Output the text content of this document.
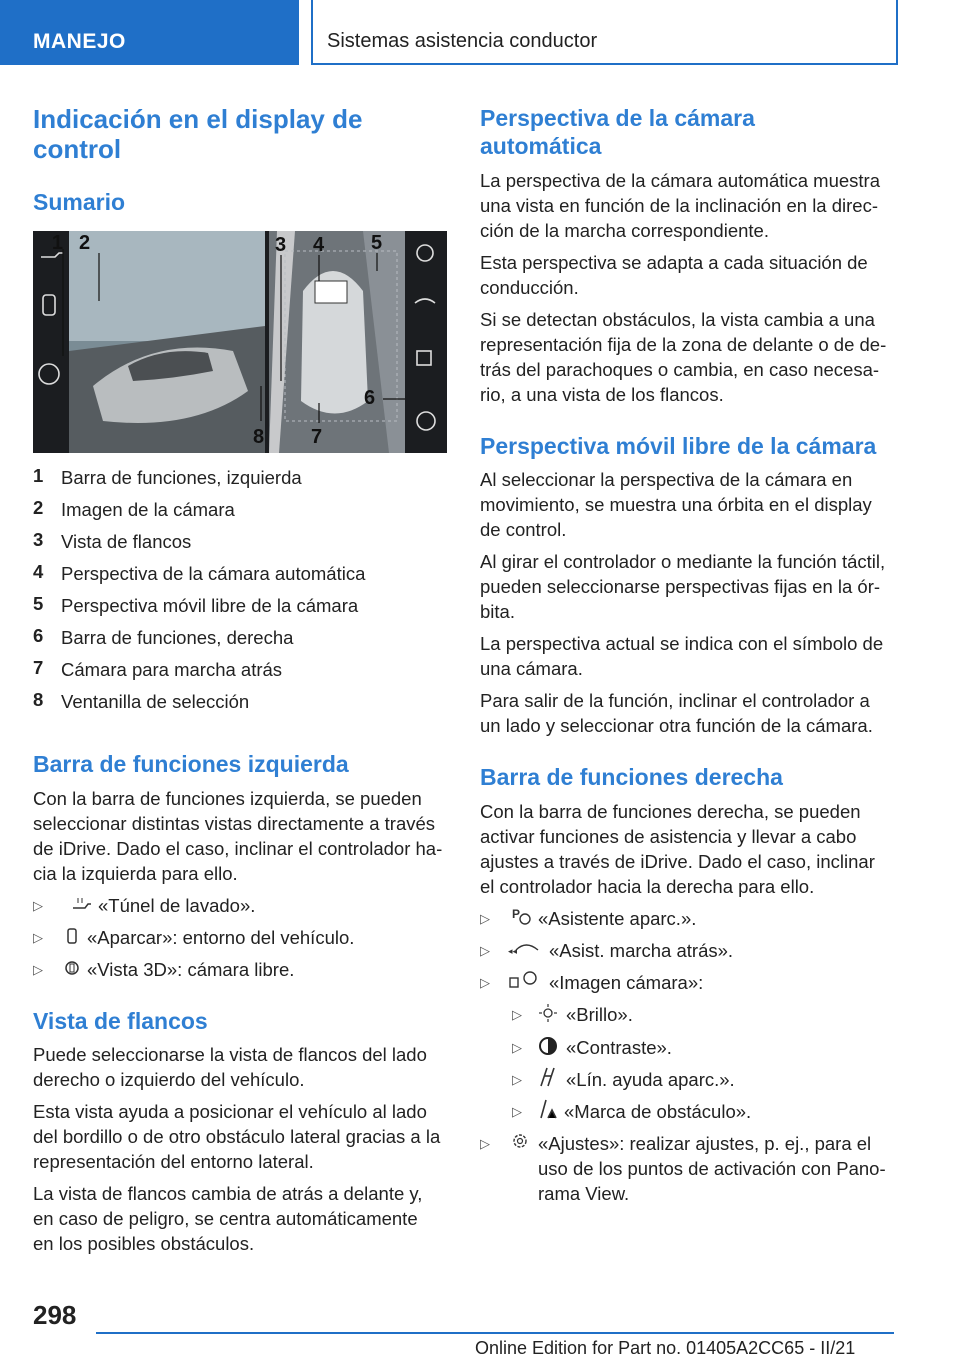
MANEJO	Sistemas asistencia conductor
Indicación en el display de
control
Sumario
1 2	3 4 5
6
7
8
1 Barra de funciones, izquierda
2 Imagen de la cámara
3 Vista de flancos
4 Perspectiva de la cámara automática
5 Perspectiva móvil libre de la cámara
6 Barra de funciones, derecha
7 Cámara para marcha atrás
8 Ventanilla de selección
Barra de funciones izquierda
Con la barra de funciones izquierda, se pueden
seleccionar distintas vistas directamente a través
de iDrive. Dado el caso, inclinar el controlador ha‐
cia la izquierda para ello.
▷	«Túnel de lavado».
▷ «Aparcar»: entorno del vehículo.
▷ «Vista 3D»: cámara libre.
Vista de flancos
Puede seleccionarse la vista de flancos del lado
derecho o izquierdo del vehículo.
Esta vista ayuda a posicionar el vehículo al lado
del bordillo o de otro obstáculo lateral gracias a la
representación del entorno lateral.
La vista de flancos cambia de atrás a delante y,
en caso de peligro, se centra automáticamente
en los posibles obstáculos.
Perspectiva de la cámara
automática
La perspectiva de la cámara automática muestra
una vista en función de la inclinación en la direc‐
ción de la marcha correspondiente.
Esta perspectiva se adapta a cada situación de
conducción.
Si se detectan obstáculos, la vista cambia a una
representación fija de la zona de delante o de de‐
trás del parachoques o cambia, en caso necesa‐
rio, a una vista de los flancos.
Perspectiva móvil libre de la cámara
Al seleccionar la perspectiva de la cámara en
movimiento, se muestra una órbita en el display
de control.
Al girar el controlador o mediante la función táctil,
pueden seleccionarse perspectivas fijas en la ór‐
bita.
La perspectiva actual se indica con el símbolo de
una cámara.
Para salir de la función, inclinar el controlador a
un lado y seleccionar otra función de la cámara.
Barra de funciones derecha
Con la barra de funciones derecha, se pueden
activar funciones de asistencia y llevar a cabo
ajustes a través de iDrive. Dado el caso, inclinar
el controlador hacia la derecha para ello.
▷ P «Asistente aparc.».
▷ ◂◂ «Asist. marcha atrás».
▷	«Imagen cámara»:
▷ «Brillo».
▷ «Contraste».
▷ «Lín. ayuda aparc.».
▷ «Marca de obstáculo».
▷	«Ajustes»: realizar ajustes, p. ej., para el
uso de los puntos de activación con Pano‐
rama View.
298
Online Edition for Part no. 01405A2CC65 - II/21
